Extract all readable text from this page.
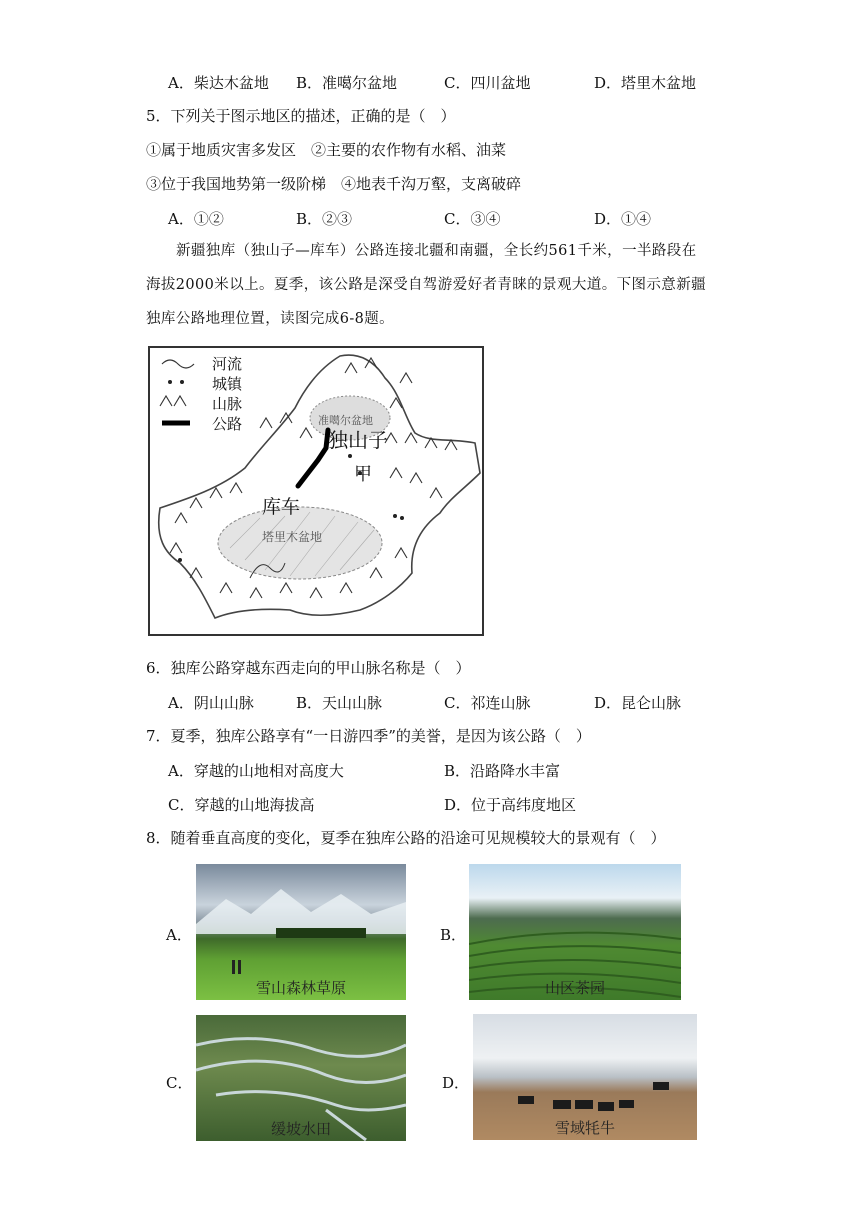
A．柴达木盆地 B．准噶尔盆地	C．四川盆地	D．塔里木盆地
5．下列关于图示地区的描述，正确的是（　）
①属于地质灾害多发区　②主要的农作物有水稻、油菜
③位于我国地势第一级阶梯　④地表千沟万壑，支离破碎
A．①②	B．②③	C．③④	D．①④
新疆独库（独山子—库车）公路连接北疆和南疆，全长约561千米，一半路段在海拔2000米以上。夏季，该公路是深受自驾游爱好者青睐的景观大道。下图示意新疆独库公路地理位置，读图完成6-8题。
河流
城镇
山脉
公路	准噶尔盆地
独山子
甲
库车
塔里木盆地
6．独库公路穿越东西走向的甲山脉名称是（　）
A．阴山山脉	B．天山山脉	C．祁连山脉	D．昆仑山脉
7．夏季，独库公路享有“一日游四季”的美誉，是因为该公路（　）
A．穿越的山地相对高度大	B．沿路降水丰富
C．穿越的山地海拔高	D．位于高纬度地区
8．随着垂直高度的变化，夏季在独库公路的沿途可见规模较大的景观有（　）
A．
雪山森林草原
B．
山区茶园
C．
缓坡水田
D．
雪域牦牛
